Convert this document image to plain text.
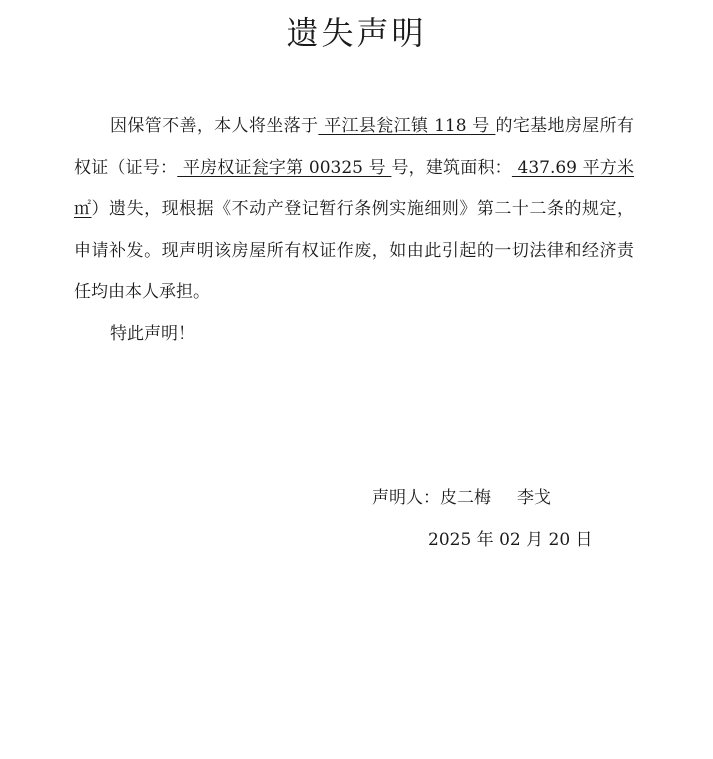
遗失声明

因保管不善，本人将坐落于 平江县瓮江镇 118 号 的宅基地房屋所有权证（证号： 平房权证瓮字第 00325 号 号，建筑面积： 437.69 平方米㎡）遗失，现根据《不动产登记暂行条例实施细则》第二十二条的规定，申请补发。现声明该房屋所有权证作废，如由此引起的一切法律和经济责任均由本人承担。

特此声明！

声明人：皮二梅 李戈
2025 年 02 月 20 日
